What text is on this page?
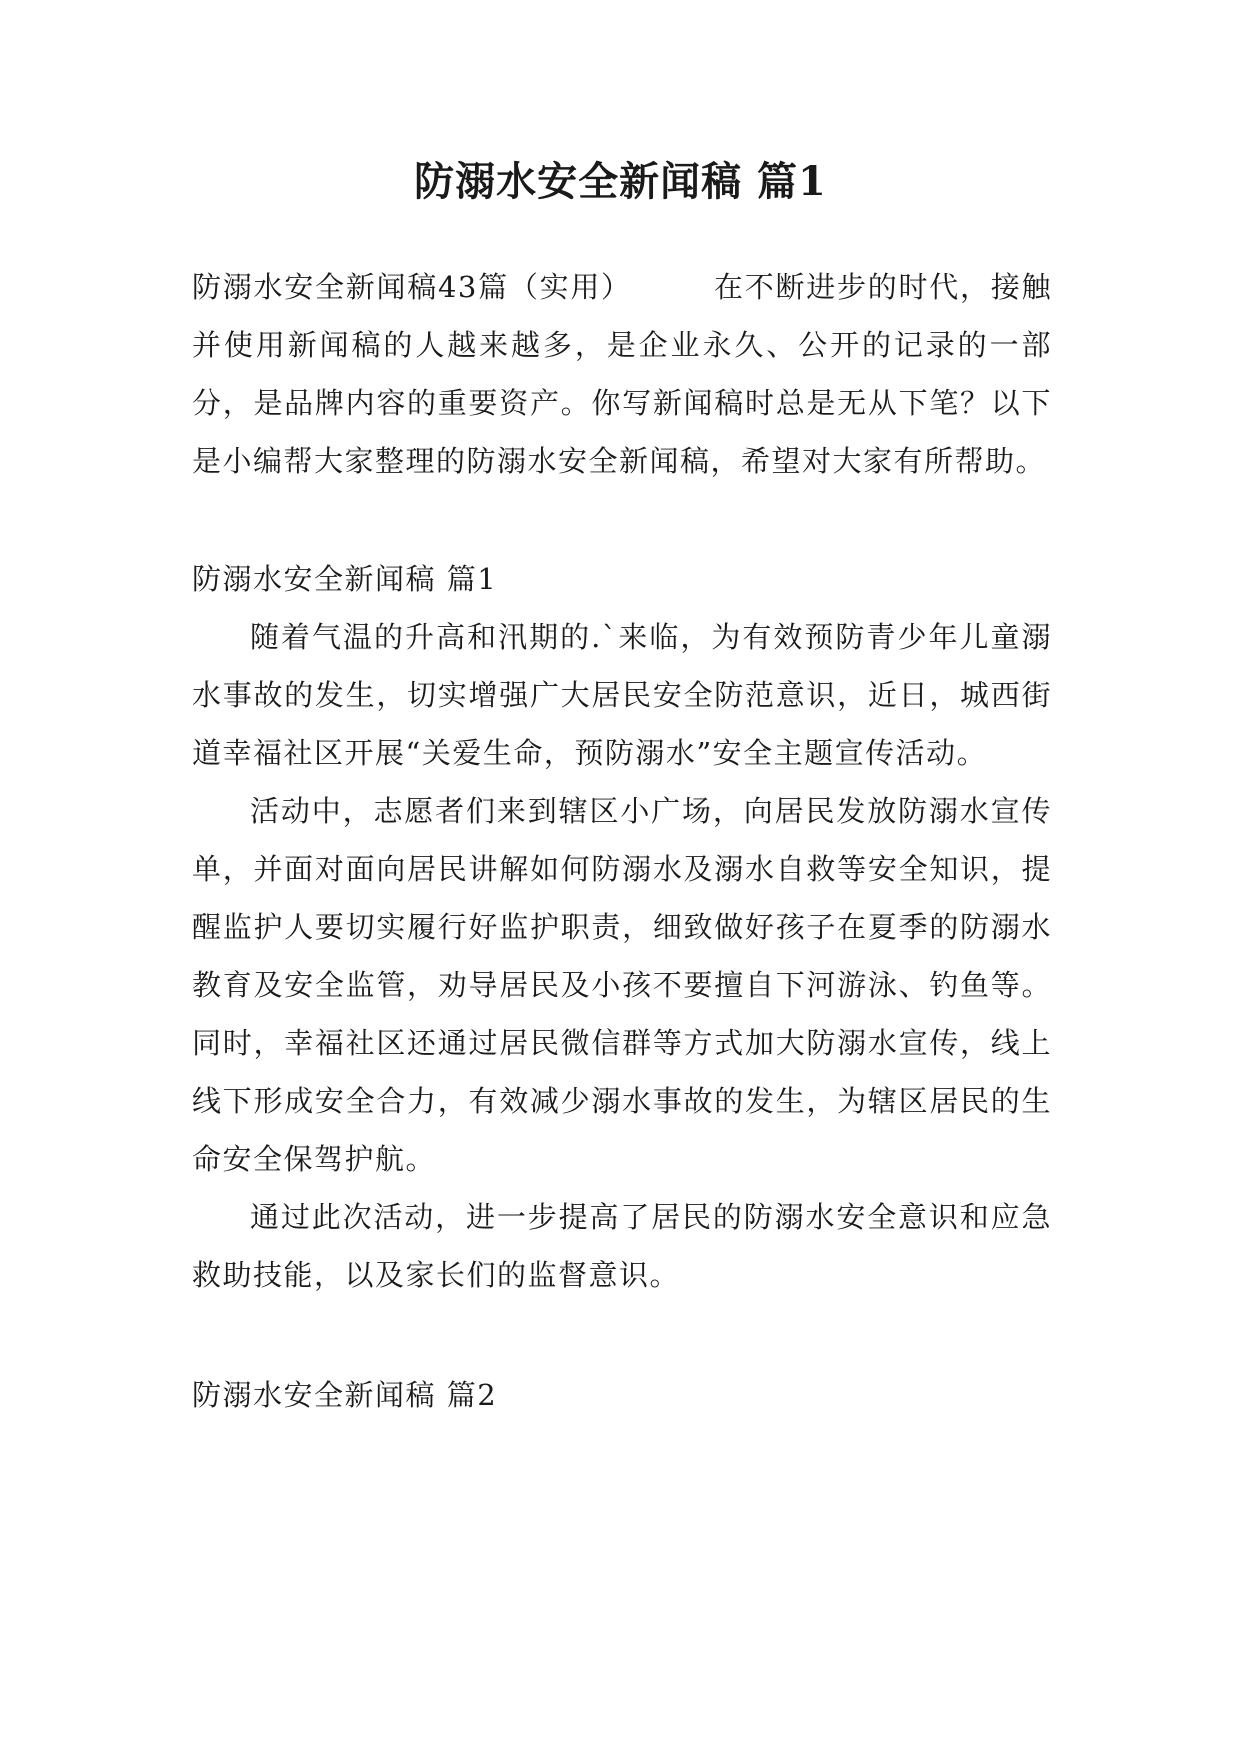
防溺水安全新闻稿 篇1

防溺水安全新闻稿43篇（实用）	在不断进步的时代，接触并使用新闻稿的人越来越多，是企业永久、公开的记录的一部分，是品牌内容的重要资产。你写新闻稿时总是无从下笔？以下是小编帮大家整理的防溺水安全新闻稿，希望对大家有所帮助。

防溺水安全新闻稿 篇1

随着气温的升高和汛期的.`来临，为有效预防青少年儿童溺水事故的发生，切实增强广大居民安全防范意识，近日，城西街道幸福社区开展“关爱生命，预防溺水”安全主题宣传活动。

活动中，志愿者们来到辖区小广场，向居民发放防溺水宣传单，并面对面向居民讲解如何防溺水及溺水自救等安全知识，提醒监护人要切实履行好监护职责，细致做好孩子在夏季的防溺水教育及安全监管，劝导居民及小孩不要擅自下河游泳、钓鱼等。同时，幸福社区还通过居民微信群等方式加大防溺水宣传，线上线下形成安全合力，有效减少溺水事故的发生，为辖区居民的生命安全保驾护航。

通过此次活动，进一步提高了居民的防溺水安全意识和应急救助技能，以及家长们的监督意识。

防溺水安全新闻稿 篇2
